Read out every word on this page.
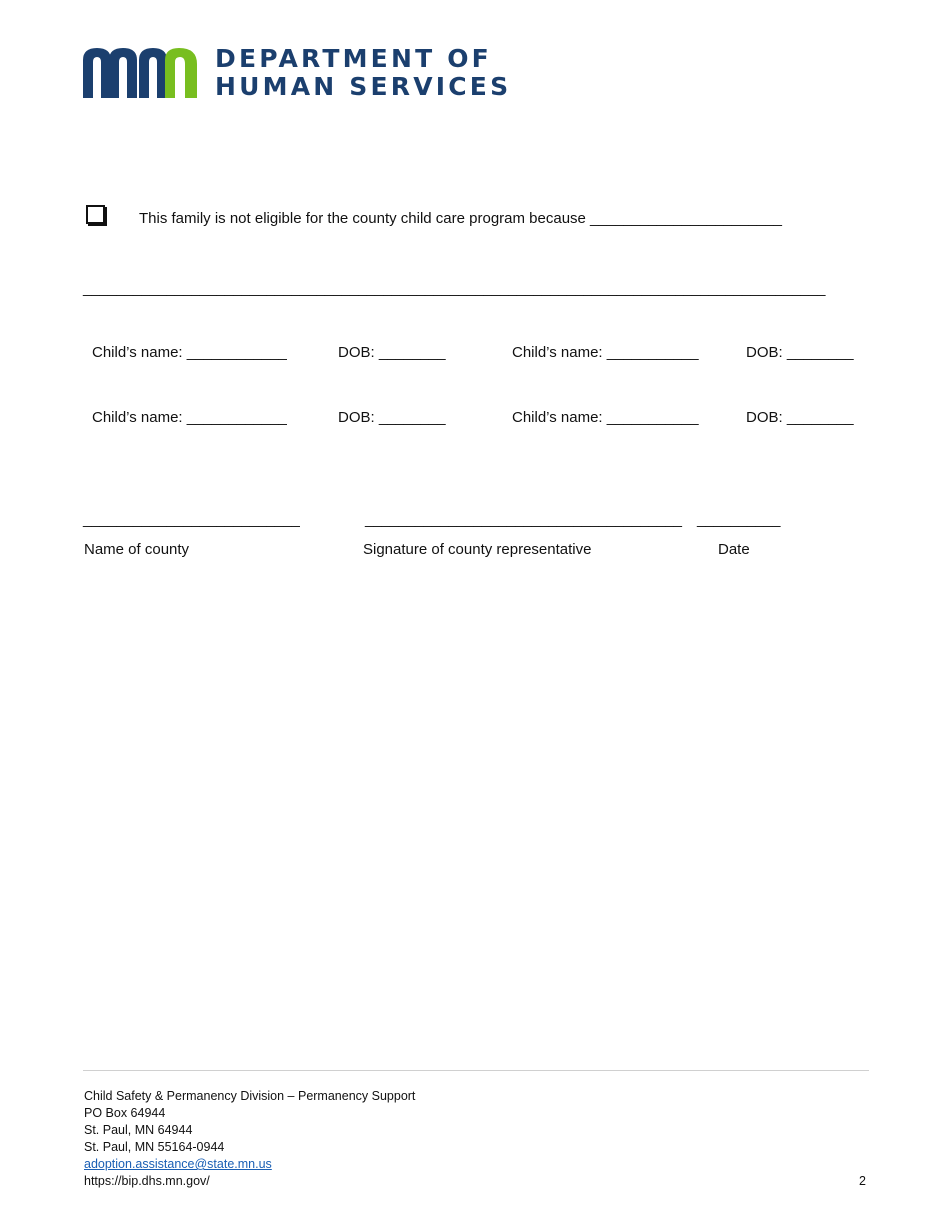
DEPARTMENT OF
HUMAN SERVICES
This family is not eligible for the county child care program because _______________________
_________________________________________________________________________________________
Child’s name: ____________	DOB: ________	Child’s name: ___________	DOB: ________
Child’s name: ____________	DOB: ________	Child’s name: ___________	DOB: ________
__________________________	______________________________________ __________
Name of county	Signature of county representative	Date
Child Safety & Permanency Division – Permanency Support
PO Box 64944
St. Paul, MN 64944
St. Paul, MN 55164-0944
adoption.assistance@state.mn.us
https://bip.dhs.mn.gov/	2
